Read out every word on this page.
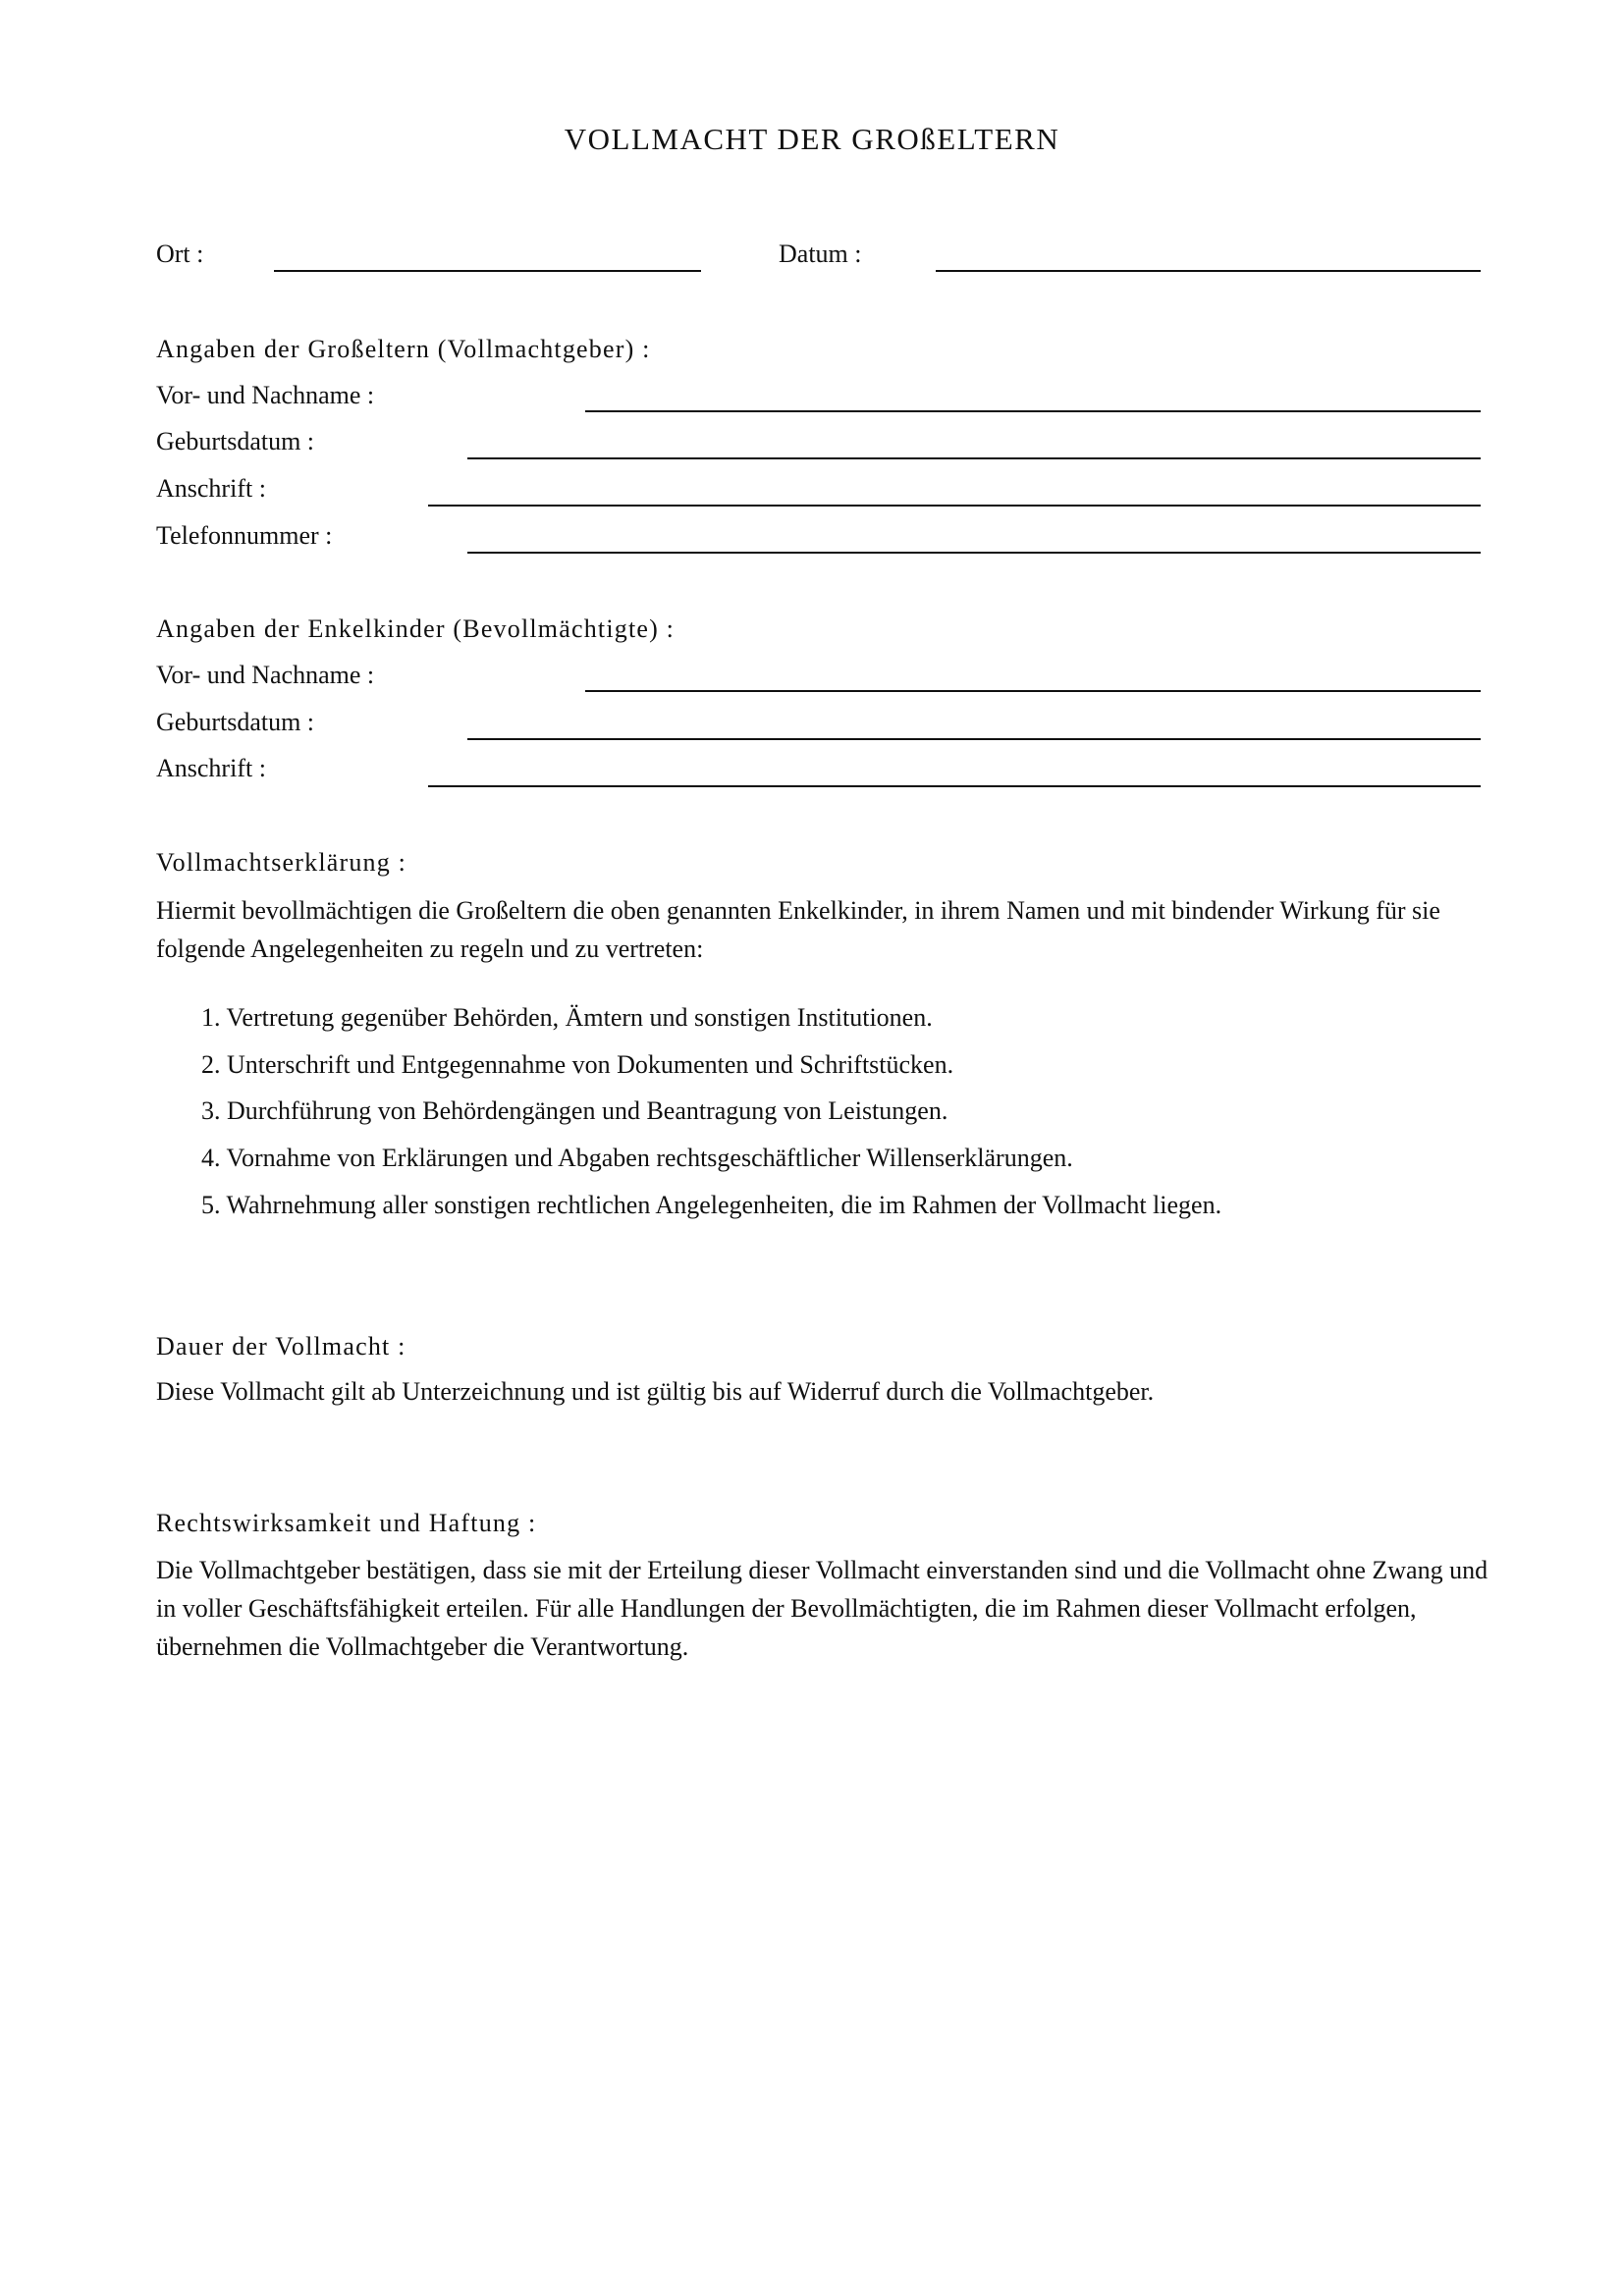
VOLLMACHT DER GROßELTERN
Ort :	Datum :
Angaben der Großeltern (Vollmachtgeber) :
Vor- und Nachname :
Geburtsdatum :
Anschrift :
Telefonnummer :
Angaben der Enkelkinder (Bevollmächtigte) :
Vor- und Nachname :
Geburtsdatum :
Anschrift :
Vollmachtserklärung :
Hiermit bevollmächtigen die Großeltern die oben genannten Enkelkinder, in ihrem Namen und mit bindender Wirkung für sie folgende Angelegenheiten zu regeln und zu vertreten:
1. Vertretung gegenüber Behörden, Ämtern und sonstigen Institutionen.
2. Unterschrift und Entgegennahme von Dokumenten und Schriftstücken.
3. Durchführung von Behördengängen und Beantragung von Leistungen.
4. Vornahme von Erklärungen und Abgaben rechtsgeschäftlicher Willenserklärungen.
5. Wahrnehmung aller sonstigen rechtlichen Angelegenheiten, die im Rahmen der Vollmacht liegen.
Dauer der Vollmacht :
Diese Vollmacht gilt ab Unterzeichnung und ist gültig bis auf Widerruf durch die Vollmachtgeber.
Rechtswirksamkeit und Haftung :
Die Vollmachtgeber bestätigen, dass sie mit der Erteilung dieser Vollmacht einverstanden sind und die Vollmacht ohne Zwang und in voller Geschäftsfähigkeit erteilen. Für alle Handlungen der Bevollmächtigten, die im Rahmen dieser Vollmacht erfolgen, übernehmen die Vollmachtgeber die Verantwortung.
